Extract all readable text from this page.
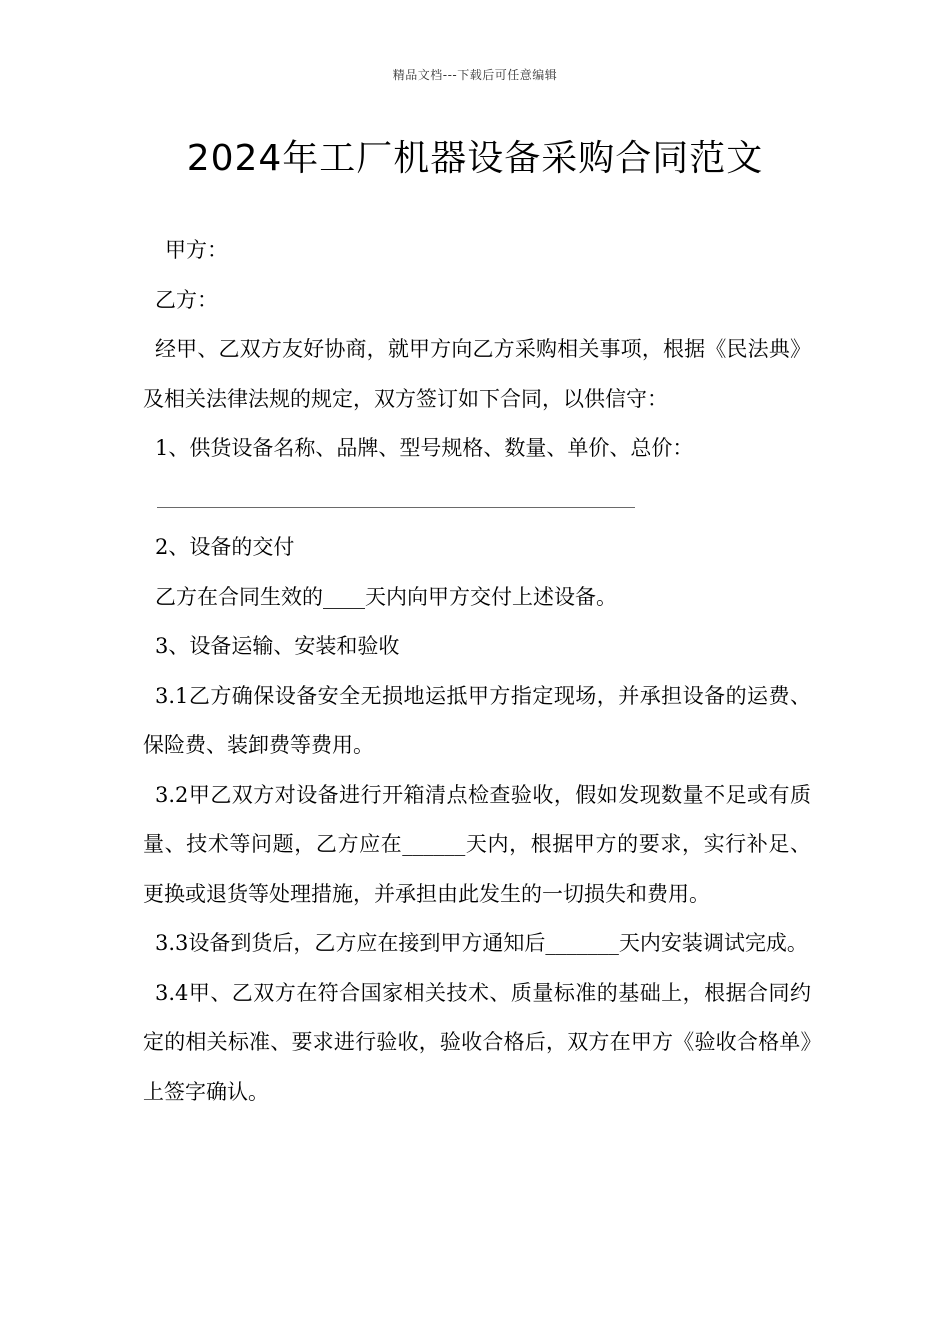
精品文档---下载后可任意编辑
2024年工厂机器设备采购合同范文

甲方：

乙方：

经甲、乙双方友好协商，就甲方向乙方采购相关事项，根据《民法典》及相关法律法规的规定，双方签订如下合同，以供信守：

1、供货设备名称、品牌、型号规格、数量、单价、总价：

2、设备的交付

乙方在合同生效的____天内向甲方交付上述设备。

3、设备运输、安装和验收

3.1乙方确保设备安全无损地运抵甲方指定现场，并承担设备的运费、保险费、装卸费等费用。

3.2甲乙双方对设备进行开箱清点检查验收，假如发现数量不足或有质量、技术等问题，乙方应在______天内，根据甲方的要求，实行补足、更换或退货等处理措施，并承担由此发生的一切损失和费用。

3.3设备到货后，乙方应在接到甲方通知后_______天内安装调试完成。

3.4甲、乙双方在符合国家相关技术、质量标准的基础上，根据合同约定的相关标准、要求进行验收，验收合格后，双方在甲方《验收合格单》上签字确认。
